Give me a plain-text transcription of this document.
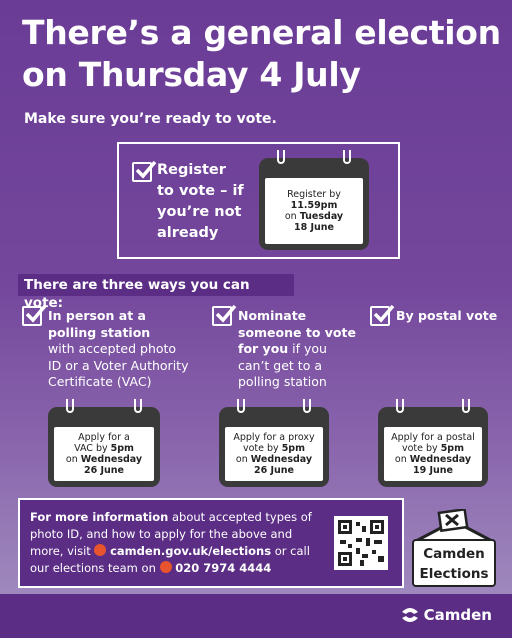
There’s a general election
on Thursday 4 July
Make sure you’re ready to vote.
Register
to vote – if
you’re not
already
Register by
11.59pm
on Tuesday
18 June
There are three ways you can vote:
In person at a
polling station
with accepted photo
ID or a Voter Authority
Certificate (VAC)
Apply for a
VAC by 5pm
on Wednesday
26 June
Nominate
someone to vote
for you if you
can’t get to a
polling station
Apply for a proxy
vote by 5pm
on Wednesday
26 June
By postal vote
Apply for a postal
vote by 5pm
on Wednesday
19 June
For more information about accepted types of
photo ID, and how to apply for the above and
more, visit  camden.gov.uk/elections or call
our elections team on  020 7974 4444
Camden
Elections
Camden
